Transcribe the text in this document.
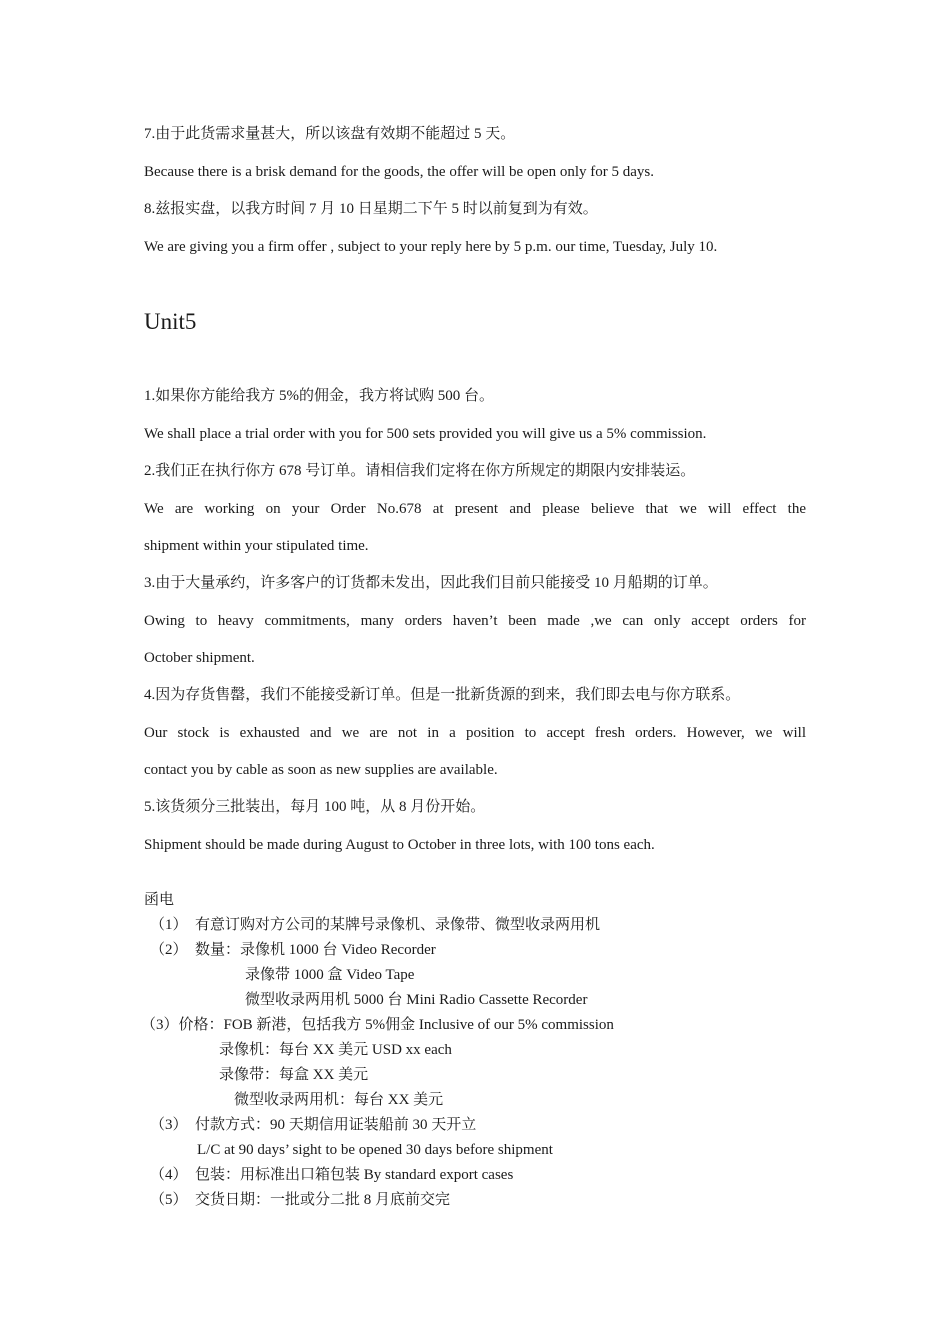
7.由于此货需求量甚大，所以该盘有效期不能超过 5 天。
Because there is a brisk demand for the goods, the offer will be open only for 5 days.
8.兹报实盘，以我方时间 7 月 10 日星期二下午 5 时以前复到为有效。
We are giving you a firm offer , subject to your reply here by 5 p.m. our time, Tuesday, July 10.
Unit5
1.如果你方能给我方 5%的佣金，我方将试购 500 台。
We shall place a trial order with you for 500 sets provided you will give us a 5% commission.
2.我们正在执行你方 678 号订单。请相信我们定将在你方所规定的期限内安排装运。
We are working on your Order No.678 at present and please believe that we will effect the
shipment within your stipulated time.
3.由于大量承约，许多客户的订货都未发出，因此我们目前只能接受 10 月船期的订单。
Owing to heavy commitments, many orders haven’t been made ,we can only accept orders for
October shipment.
4.因为存货售罄，我们不能接受新订单。但是一批新货源的到来，我们即去电与你方联系。
Our stock is exhausted and we are not in a position to accept fresh orders. However, we will
contact you by cable as soon as new supplies are available.
5.该货须分三批装出，每月 100 吨，从 8 月份开始。
Shipment should be made during August to October in three lots, with 100 tons each.
函电
（1）　有意订购对方公司的某牌号录像机、录像带、微型收录两用机
（2）　数量：录像机 1000 台 Video Recorder
录像带 1000 盒 Video Tape
微型收录两用机 5000 台 Mini Radio Cassette Recorder
（3）价格：FOB 新港，包括我方 5%佣金 Inclusive of our 5% commission
录像机：每台 XX 美元 USD xx each
录像带：每盒 XX 美元
微型收录两用机：每台 XX 美元
（3）　付款方式：90 天期信用证装船前 30 天开立
L/C at 90 days’ sight to be opened 30 days before shipment
（4）　包装：用标准出口箱包装 By standard export cases
（5）　交货日期：一批或分二批 8 月底前交完
